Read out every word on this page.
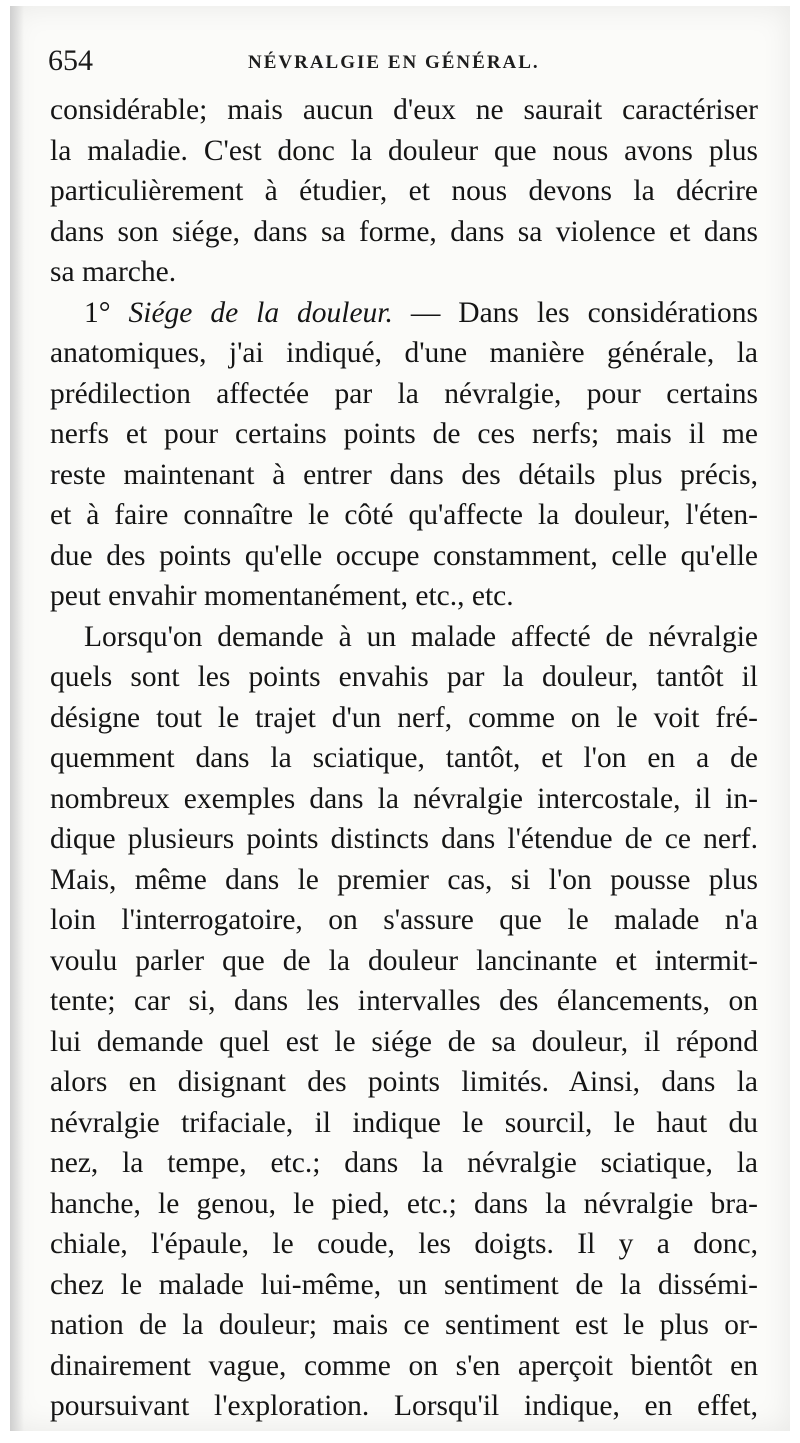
654	NÉVRALGIE EN GÉNÉRAL.
considérable; mais aucun d'eux ne saurait caractériser
la maladie. C'est donc la douleur que nous avons plus
particulièrement à étudier, et nous devons la décrire
dans son siége, dans sa forme, dans sa violence et dans
sa marche.
1° Siége de la douleur. — Dans les considérations
anatomiques, j'ai indiqué, d'une manière générale, la
prédilection affectée par la névralgie, pour certains
nerfs et pour certains points de ces nerfs; mais il me
reste maintenant à entrer dans des détails plus précis,
et à faire connaître le côté qu'affecte la douleur, l'éten-
due des points qu'elle occupe constamment, celle qu'elle
peut envahir momentanément, etc., etc.
Lorsqu'on demande à un malade affecté de névralgie
quels sont les points envahis par la douleur, tantôt il
désigne tout le trajet d'un nerf, comme on le voit fré-
quemment dans la sciatique, tantôt, et l'on en a de
nombreux exemples dans la névralgie intercostale, il in-
dique plusieurs points distincts dans l'étendue de ce nerf.
Mais, même dans le premier cas, si l'on pousse plus
loin l'interrogatoire, on s'assure que le malade n'a
voulu parler que de la douleur lancinante et intermit-
tente; car si, dans les intervalles des élancements, on
lui demande quel est le siége de sa douleur, il répond
alors en disignant des points limités. Ainsi, dans la
névralgie trifaciale, il indique le sourcil, le haut du
nez, la tempe, etc.; dans la névralgie sciatique, la
hanche, le genou, le pied, etc.; dans la névralgie bra-
chiale, l'épaule, le coude, les doigts. Il y a donc,
chez le malade lui-même, un sentiment de la dissémi-
nation de la douleur; mais ce sentiment est le plus or-
dinairement vague, comme on s'en aperçoit bientôt en
poursuivant l'exploration. Lorsqu'il indique, en effet,
